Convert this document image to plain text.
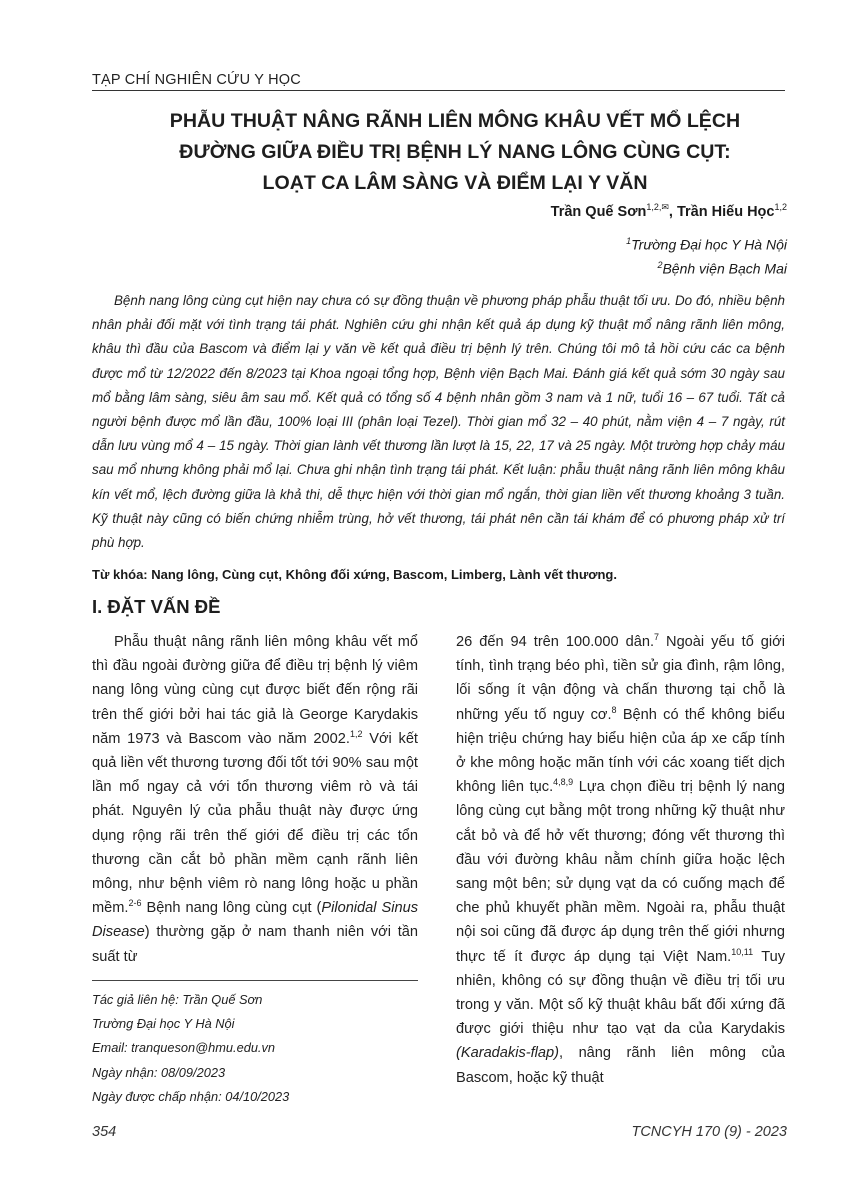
TẠP CHÍ NGHIÊN CỨU Y HỌC
PHẪU THUẬT NÂNG RÃNH LIÊN MÔNG KHÂU VẾT MỔ LỆCH
ĐƯỜNG GIỮA ĐIỀU TRỊ BỆNH LÝ NANG LÔNG CÙNG CỤT:
LOẠT CA LÂM SÀNG VÀ ĐIỂM LẠI Y VĂN
Trần Quế Sơn$^{1,2,✉}$, Trần Hiếu Học$^{1,2}$
$^1$Trường Đại học Y Hà Nội
$^2$Bệnh viện Bạch Mai
Bệnh nang lông cùng cụt hiện nay chưa có sự đồng thuận về phương pháp phẫu thuật tối ưu. Do đó, nhiều bệnh nhân phải đối mặt với tình trạng tái phát. Nghiên cứu ghi nhận kết quả áp dụng kỹ thuật mổ nâng rãnh liên mông, khâu thì đầu của Bascom và điểm lại y văn về kết quả điều trị bệnh lý trên. Chúng tôi mô tả hồi cứu các ca bệnh được mổ từ 12/2022 đến 8/2023 tại Khoa ngoại tổng hợp, Bệnh viện Bạch Mai. Đánh giá kết quả sớm 30 ngày sau mổ bằng lâm sàng, siêu âm sau mổ. Kết quả có tổng số 4 bệnh nhân gồm 3 nam và 1 nữ, tuổi 16 – 67 tuổi. Tất cả người bệnh được mổ lần đầu, 100% loại III (phân loại Tezel). Thời gian mổ 32 – 40 phút, nằm viện 4 – 7 ngày, rút dẫn lưu vùng mổ 4 – 15 ngày. Thời gian lành vết thương lần lượt là 15, 22, 17 và 25 ngày. Một trường hợp chảy máu sau mổ nhưng không phải mổ lại. Chưa ghi nhận tình trạng tái phát. Kết luận: phẫu thuật nâng rãnh liên mông khâu kín vết mổ, lệch đường giữa là khả thi, dễ thực hiện với thời gian mổ ngắn, thời gian liền vết thương khoảng 3 tuần. Kỹ thuật này cũng có biến chứng nhiễm trùng, hở vết thương, tái phát nên cần tái khám để có phương pháp xử trí phù hợp.
Từ khóa: Nang lông, Cùng cụt, Không đối xứng, Bascom, Limberg, Lành vết thương.
I. ĐẶT VẤN ĐỀ
Phẫu thuật nâng rãnh liên mông khâu vết mổ thì đầu ngoài đường giữa để điều trị bệnh lý viêm nang lông vùng cùng cụt được biết đến rộng rãi trên thế giới bởi hai tác giả là George Karydakis năm 1973 và Bascom vào năm 2002.$^{1,2}$ Với kết quả liền vết thương tương đối tốt tới 90% sau một lần mổ ngay cả với tổn thương viêm rò và tái phát. Nguyên lý của phẫu thuật này được ứng dụng rộng rãi trên thế giới để điều trị các tổn thương cần cắt bỏ phần mềm cạnh rãnh liên mông, như bệnh viêm rò nang lông hoặc u phần mềm.$^{2-6}$ Bệnh nang lông cùng cụt (Pilonidal Sinus Disease) thường gặp ở nam thanh niên với tần suất từ
26 đến 94 trên 100.000 dân.$^7$ Ngoài yếu tố giới tính, tình trạng béo phì, tiền sử gia đình, rậm lông, lối sống ít vận động và chấn thương tại chỗ là những yếu tố nguy cơ.$^8$ Bệnh có thể không biểu hiện triệu chứng hay biểu hiện của áp xe cấp tính ở khe mông hoặc mãn tính với các xoang tiết dịch không liên tục.$^{4,8,9}$ Lựa chọn điều trị bệnh lý nang lông cùng cụt bằng một trong những kỹ thuật như cắt bỏ và để hở vết thương; đóng vết thương thì đầu với đường khâu nằm chính giữa hoặc lệch sang một bên; sử dụng vạt da có cuống mạch để che phủ khuyết phần mềm. Ngoài ra, phẫu thuật nội soi cũng đã được áp dụng trên thế giới nhưng thực tế ít được áp dụng tại Việt Nam.$^{10,11}$ Tuy nhiên, không có sự đồng thuận về điều trị tối ưu trong y văn. Một số kỹ thuật khâu bất đối xứng đã được giới thiệu như tạo vạt da của Karydakis (Karadakis-flap), nâng rãnh liên mông của Bascom, hoặc kỹ thuật
Tác giả liên hệ: Trần Quế Sơn
Trường Đại học Y Hà Nội
Email: tranqueson@hmu.edu.vn
Ngày nhận: 08/09/2023
Ngày được chấp nhận: 04/10/2023
354	TCNCYH 170 (9) - 2023
